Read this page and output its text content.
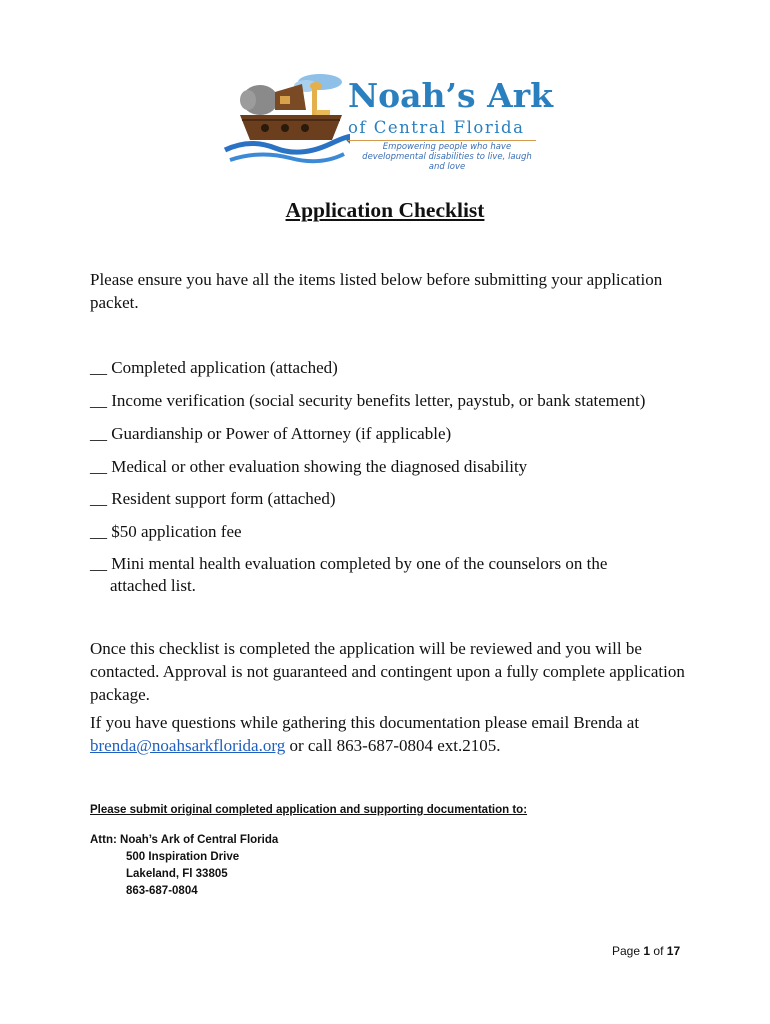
Noah’s Ark
of Central Florida
Empowering people who have developmental disabilities to live, laugh and love
Application Checklist
Please ensure you have all the items listed below before submitting your application packet.
__ Completed application (attached)
__ Income verification (social security benefits letter, paystub, or bank statement)
__ Guardianship or Power of Attorney (if applicable)
__ Medical or other evaluation showing the diagnosed disability
__ Resident support form (attached)
__ $50 application fee
__ Mini mental health evaluation completed by one of the counselors on the
attached list.
Once this checklist is completed the application will be reviewed and you will be contacted. Approval is not guaranteed and contingent upon a fully complete application package.
If you have questions while gathering this documentation please email Brenda at
brenda@noahsarkflorida.org or call 863-687-0804 ext.2105.
Please submit original completed application and supporting documentation to:
Attn: Noah’s Ark of Central Florida
500 Inspiration Drive
Lakeland, Fl 33805
863-687-0804
Page 1 of 17
